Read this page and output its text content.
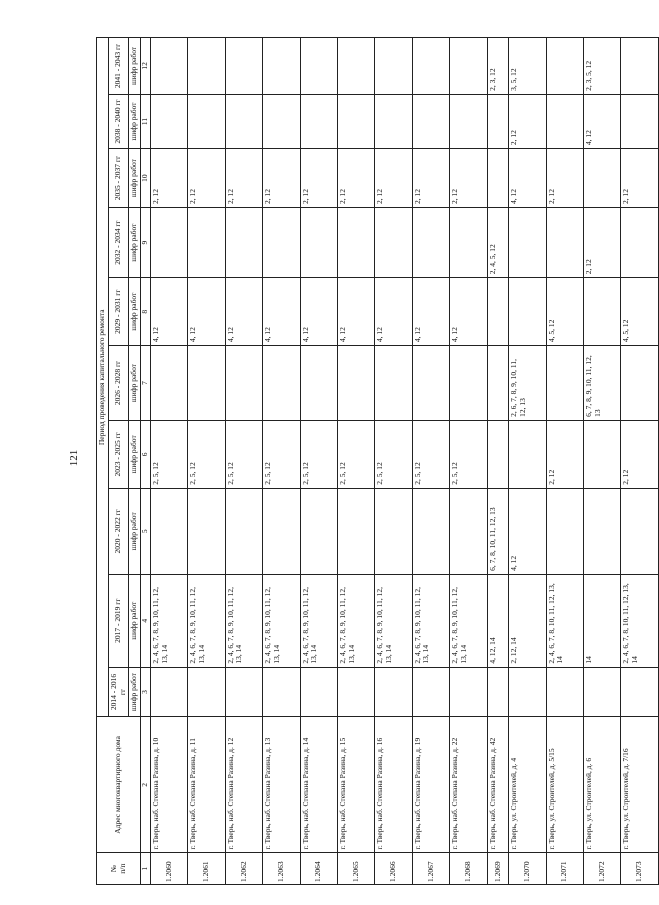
121
№
п/п	Адрес многоквартирного дома	Период проведения капитального ремонта									
		2014 - 2016 гг	2017 - 2019 гг	2020 - 2022 гг	2023 - 2025 гг	2026 - 2028 гг	2029 - 2031 гг	2032 - 2034 гг	2035 - 2037 гг	2038 - 2040 гг	2041 - 2043 гг
		шифр работ	шифр работ	шифр работ	шифр работ	шифр работ	шифр работ	шифр работ	шифр работ	шифр работ	шифр работ
1	2	3	4	5	6	7	8	9	10	11	12
1.2060	г. Тверь, наб. Степана Разина, д. 10		2, 4, 6, 7, 8, 9, 10, 11, 12, 13, 14		2, 5, 12		4, 12		2, 12		
1.2061	г. Тверь, наб. Степана Разина, д. 11		2, 4, 6, 7, 8, 9, 10, 11, 12, 13, 14		2, 5, 12		4, 12		2, 12		
1.2062	г. Тверь, наб. Степана Разина, д. 12		2, 4, 6, 7, 8, 9, 10, 11, 12, 13, 14		2, 5, 12		4, 12		2, 12		
1.2063	г. Тверь, наб. Степана Разина, д. 13		2, 4, 6, 7, 8, 9, 10, 11, 12, 13, 14		2, 5, 12		4, 12		2, 12		
1.2064	г. Тверь, наб. Степана Разина, д. 14		2, 4, 6, 7, 8, 9, 10, 11, 12, 13, 14		2, 5, 12		4, 12		2, 12		
1.2065	г. Тверь, наб. Степана Разина, д. 15		2, 4, 6, 7, 8, 9, 10, 11, 12, 13, 14		2, 5, 12		4, 12		2, 12		
1.2066	г. Тверь, наб. Степана Разина, д. 16		2, 4, 6, 7, 8, 9, 10, 11, 12, 13, 14		2, 5, 12		4, 12		2, 12		
1.2067	г. Тверь, наб. Степана Разина, д. 19		2, 4, 6, 7, 8, 9, 10, 11, 12, 13, 14		2, 5, 12		4, 12		2, 12		
1.2068	г. Тверь, наб. Степана Разина, д. 22		2, 4, 6, 7, 8, 9, 10, 11, 12, 13, 14		2, 5, 12		4, 12		2, 12		
1.2069	г. Тверь, наб. Степана Разина, д. 42		4, 12, 14	6, 7, 8, 10, 11, 12, 13				2, 4, 5, 12			2, 3, 12
1.2070	г. Тверь, ул. Строителей, д. 4		2, 12, 14	4, 12		2, 6, 7, 8, 9, 10, 11, 12, 13			4, 12	2, 12	3, 5, 12
1.2071	г. Тверь, ул. Строителей, д. 5/15		2, 4, 6, 7, 8, 10, 11, 12, 13, 14		2, 12		4, 5, 12		2, 12		
1.2072	г. Тверь, ул. Строителей, д. 6		14			6, 7, 8, 9, 10, 11, 12, 13		2, 12		4, 12	2, 3, 5, 12
1.2073	г. Тверь, ул. Строителей, д. 7/16		2, 4, 6, 7, 8, 10, 11, 12, 13, 14		2, 12		4, 5, 12		2, 12		
